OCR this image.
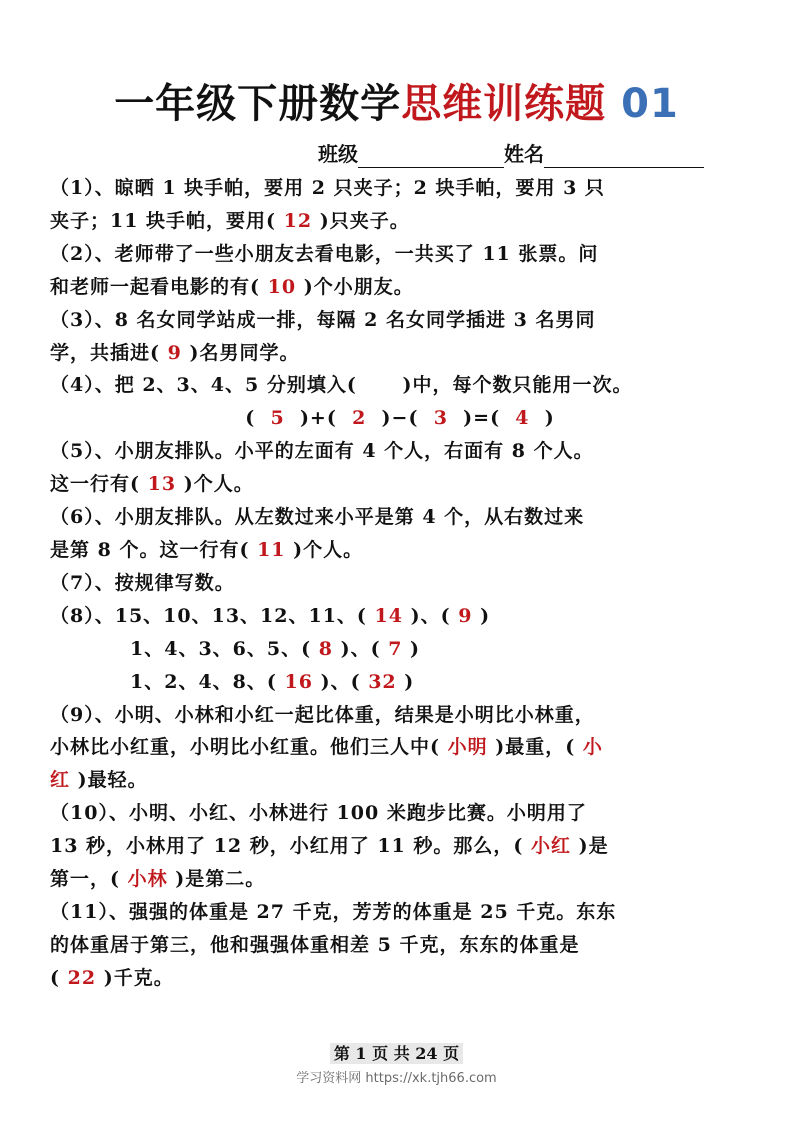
一年级下册数学思维训练题 01
班级	姓名

（1）、晾晒 1 块手帕，要用 2 只夹子；2 块手帕，要用 3 只

夹子；11 块手帕，要用( 12 )只夹子。

（2）、老师带了一些小朋友去看电影，一共买了 11 张票。问

和老师一起看电影的有( 10 )个小朋友。

（3）、8 名女同学站成一排，每隔 2 名女同学插进 3 名男同

学，共插进( 9 )名男同学。

（4）、把 2、3、4、5 分别填入(      )中，每个数只能用一次。

( 5 )+( 2 )−( 3 )=( 4 )

（5）、小朋友排队。小平的左面有 4 个人，右面有 8 个人。

这一行有( 13 )个人。

（6）、小朋友排队。从左数过来小平是第 4 个，从右数过来

是第 8 个。这一行有( 11 )个人。

（7）、按规律写数。

（8）、15、10、13、12、11、( 14 )、( 9 )

1、4、3、6、5、( 8 )、( 7 )

1、2、4、8、( 16 )、( 32 )

（9）、小明、小林和小红一起比体重，结果是小明比小林重，

小林比小红重，小明比小红重。他们三人中( 小明 )最重，( 小

红 )最轻。

（10）、小明、小红、小林进行 100 米跑步比赛。小明用了

13 秒，小林用了 12 秒，小红用了 11 秒。那么，( 小红 )是

第一，( 小林 )是第二。

（11）、强强的体重是 27 千克，芳芳的体重是 25 千克。东东

的体重居于第三，他和强强体重相差 5 千克，东东的体重是

( 22 )千克。

第 1 页 共 24 页
学习资料网 https://xk.tjh66.com
